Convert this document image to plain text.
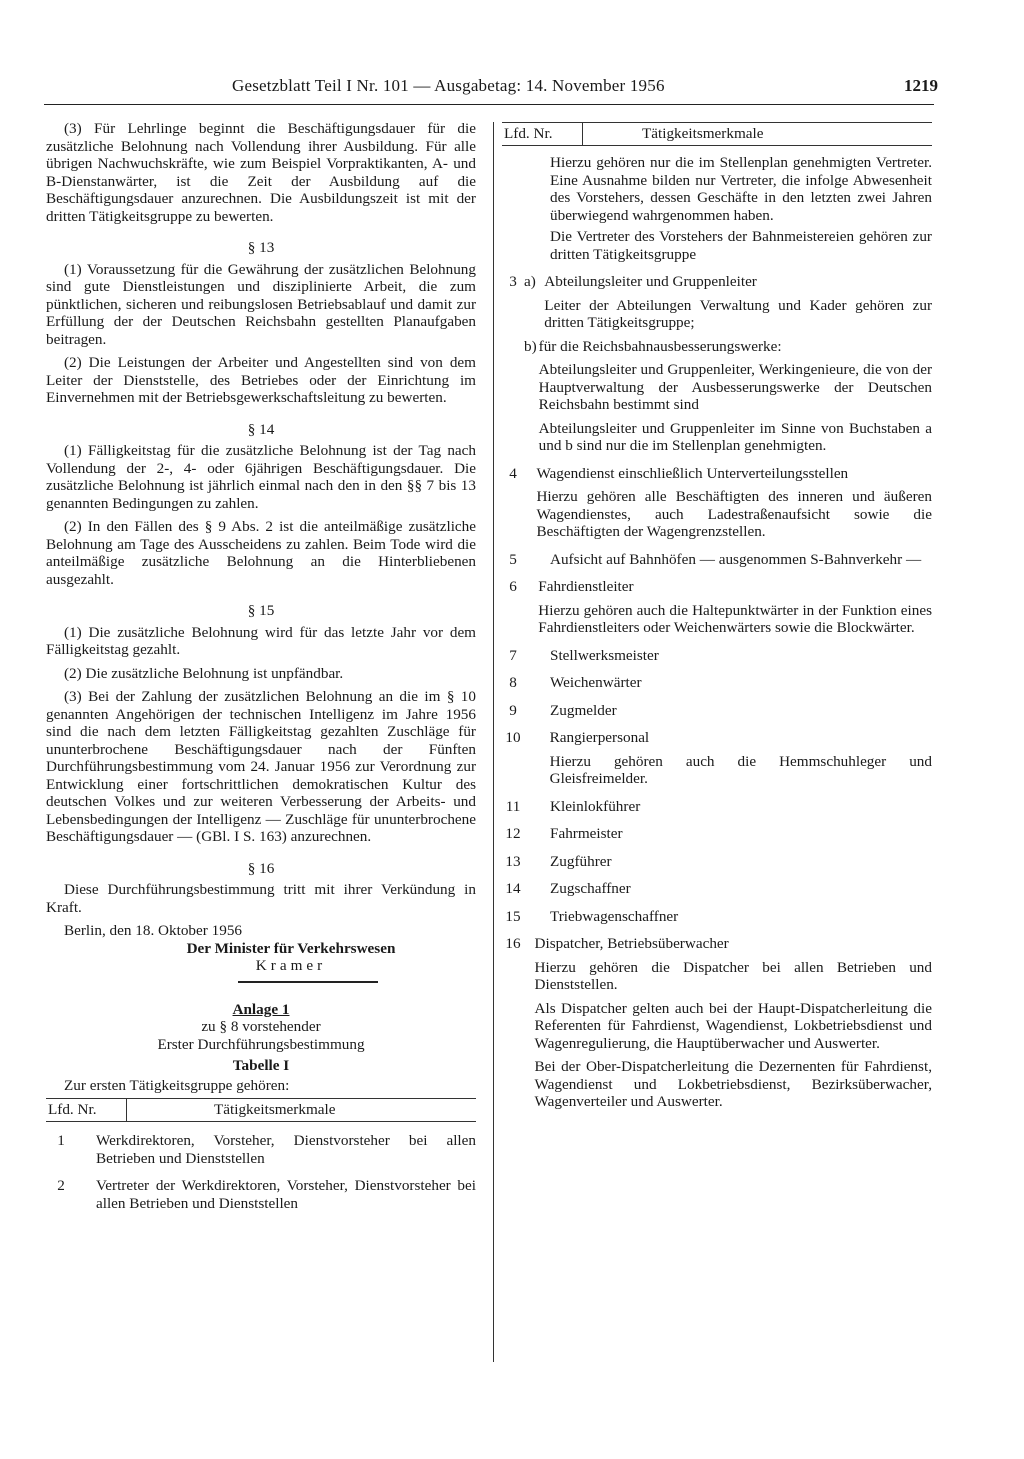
Gesetzblatt Teil I Nr. 101 — Ausgabetag: 14. November 1956	1219

(3) Für Lehrlinge beginnt die Beschäftigungsdauer für die zusätzliche Belohnung nach Vollendung ihrer Ausbildung. Für alle übrigen Nachwuchskräfte, wie zum Beispiel Vorpraktikanten, A- und B-Dienstanwärter, ist die Zeit der Ausbildung auf die Beschäftigungsdauer anzurechnen. Die Ausbildungszeit ist mit der dritten Tätigkeitsgruppe zu bewerten.

§ 13

(1) Voraussetzung für die Gewährung der zusätzlichen Belohnung sind gute Dienstleistungen und disziplinierte Arbeit, die zum pünktlichen, sicheren und reibungslosen Betriebsablauf und damit zur Erfüllung der der Deutschen Reichsbahn gestellten Planaufgaben beitragen.

(2) Die Leistungen der Arbeiter und Angestellten sind von dem Leiter der Dienststelle, des Betriebes oder der Einrichtung im Einvernehmen mit der Betriebsgewerkschaftsleitung zu bewerten.

§ 14

(1) Fälligkeitstag für die zusätzliche Belohnung ist der Tag nach Vollendung der 2-, 4- oder 6jährigen Beschäftigungsdauer. Die zusätzliche Belohnung ist jährlich einmal nach den in den §§ 7 bis 13 genannten Bedingungen zu zahlen.

(2) In den Fällen des § 9 Abs. 2 ist die anteilmäßige zusätzliche Belohnung am Tage des Ausscheidens zu zahlen. Beim Tode wird die anteilmäßige zusätzliche Belohnung an die Hinterbliebenen ausgezahlt.

§ 15

(1) Die zusätzliche Belohnung wird für das letzte Jahr vor dem Fälligkeitstag gezahlt.

(2) Die zusätzliche Belohnung ist unpfändbar.

(3) Bei der Zahlung der zusätzlichen Belohnung an die im § 10 genannten Angehörigen der technischen Intelligenz im Jahre 1956 sind die nach dem letzten Fälligkeitstag gezahlten Zuschläge für ununterbrochene Beschäftigungsdauer nach der Fünften Durchführungsbestimmung vom 24. Januar 1956 zur Verordnung zur Entwicklung einer fortschrittlichen demokratischen Kultur des deutschen Volkes und zur weiteren Verbesserung der Arbeits- und Lebensbedingungen der Intelligenz — Zuschläge für ununterbrochene Beschäftigungsdauer — (GBl. I S. 163) anzurechnen.

§ 16

Diese Durchführungsbestimmung tritt mit ihrer Verkündung in Kraft.

Berlin, den 18. Oktober 1956

Der Minister für Verkehrswesen

Kramer

Anlage 1

zu § 8 vorstehender

Erster Durchführungsbestimmung

Tabelle I

Zur ersten Tätigkeitsgruppe gehören:

Lfd. Nr.	Tätigkeitsmerkmale
1	Werkdirektoren, Vorsteher, Dienstvorsteher bei allen Betrieben und Dienststellen

2	Vertreter der Werkdirektoren, Vorsteher, Dienstvorsteher bei allen Betrieben und Dienststellen

Lfd. Nr.	Tätigkeitsmerkmale

Hierzu gehören nur die im Stellenplan genehmigten Vertreter. Eine Ausnahme bilden nur Vertreter, die infolge Abwesenheit des Vorstehers, dessen Geschäfte in den letzten zwei Jahren überwiegend wahrgenommen haben.

Die Vertreter des Vorstehers der Bahnmeistereien gehören zur dritten Tätigkeitsgruppe

3 a) Abteilungsleiter und Gruppenleiter

Leiter der Abteilungen Verwaltung und Kader gehören zur dritten Tätigkeitsgruppe;

b) für die Reichsbahnausbesserungswerke:

Abteilungsleiter und Gruppenleiter, Werkingenieure, die von der Hauptverwaltung der Ausbesserungswerke der Deutschen Reichsbahn bestimmt sind

Abteilungsleiter und Gruppenleiter im Sinne von Buchstaben a und b sind nur die im Stellenplan genehmigten.

4	Wagendienst einschließlich Unterverteilungsstellen

Hierzu gehören alle Beschäftigten des inneren und äußeren Wagendienstes, auch Ladestraßenaufsicht sowie die Beschäftigten der Wagengrenzstellen.

5	Aufsicht auf Bahnhöfen — ausgenommen S-Bahnverkehr —

6	Fahrdienstleiter

Hierzu gehören auch die Haltepunktwärter in der Funktion eines Fahrdienstleiters oder Weichenwärters sowie die Blockwärter.

7	Stellwerksmeister

8	Weichenwärter

9	Zugmelder

10 Rangierpersonal

Hierzu gehören auch die Hemmschuhleger und Gleisfreimelder.

11 Kleinlokführer

12 Fahrmeister

13 Zugführer

14 Zugschaffner

15 Triebwagenschaffner

16 Dispatcher, Betriebsüberwacher

Hierzu gehören die Dispatcher bei allen Betrieben und Dienststellen.

Als Dispatcher gelten auch bei der Haupt-Dispatcherleitung die Referenten für Fahrdienst, Wagendienst, Lokbetriebsdienst und Wagenregulierung, die Hauptüberwacher und Auswerter.

Bei der Ober-Dispatcherleitung die Dezernenten für Fahrdienst, Wagendienst und Lokbetriebsdienst, Bezirksüberwacher, Wagenverteiler und Auswerter.
